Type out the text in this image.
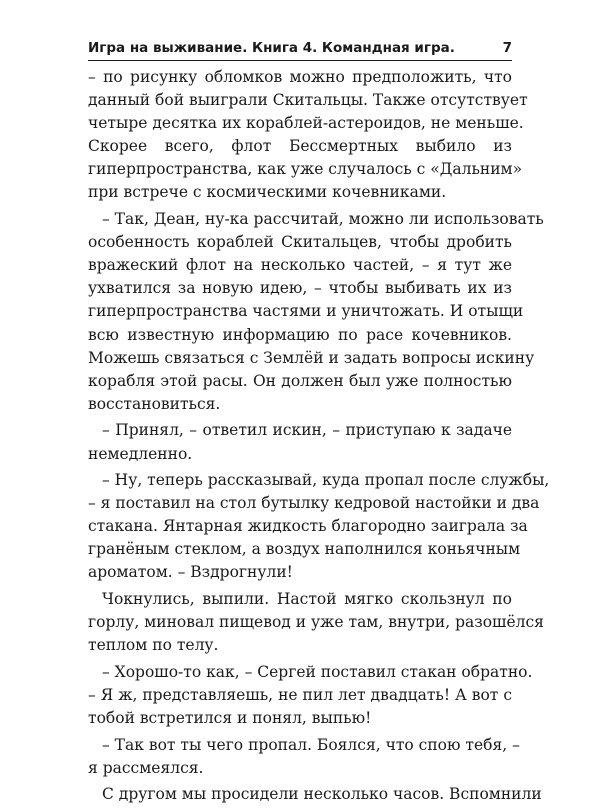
Игра на выживание. Книга 4. Командная игра.	7
– по рисунку обломков можно предположить, что
данный бой выиграли Скитальцы. Также отсутствует
четыре десятка их кораблей-астероидов, не меньше.
Скорее всего, флот Бессмертных выбило из
гиперпространства, как уже случалось с «Дальним»
при встрече с космическими кочевниками.
– Так, Деан, ну-ка рассчитай, можно ли использовать
особенность кораблей Скитальцев, чтобы дробить
вражеский флот на несколько частей, – я тут же
ухватился за новую идею, – чтобы выбивать их из
гиперпространства частями и уничтожать. И отыщи
всю известную информацию по расе кочевников.
Можешь связаться с Землёй и задать вопросы искину
корабля этой расы. Он должен был уже полностью
восстановиться.
– Принял, – ответил искин, – приступаю к задаче
немедленно.
– Ну, теперь рассказывай, куда пропал после службы,
– я поставил на стол бутылку кедровой настойки и два
стакана. Янтарная жидкость благородно заиграла за
гранёным стеклом, а воздух наполнился коньячным
ароматом. – Вздрогнули!
Чокнулись, выпили. Настой мягко скользнул по
горлу, миновал пищевод и уже там, внутри, разошёлся
теплом по телу.
– Хорошо-то как, – Сергей поставил стакан обратно.
– Я ж, представляешь, не пил лет двадцать! А вот с
тобой встретился и понял, выпью!
– Так вот ты чего пропал. Боялся, что спою тебя, –
я рассмеялся.
С другом мы просидели несколько часов. Вспомнили
